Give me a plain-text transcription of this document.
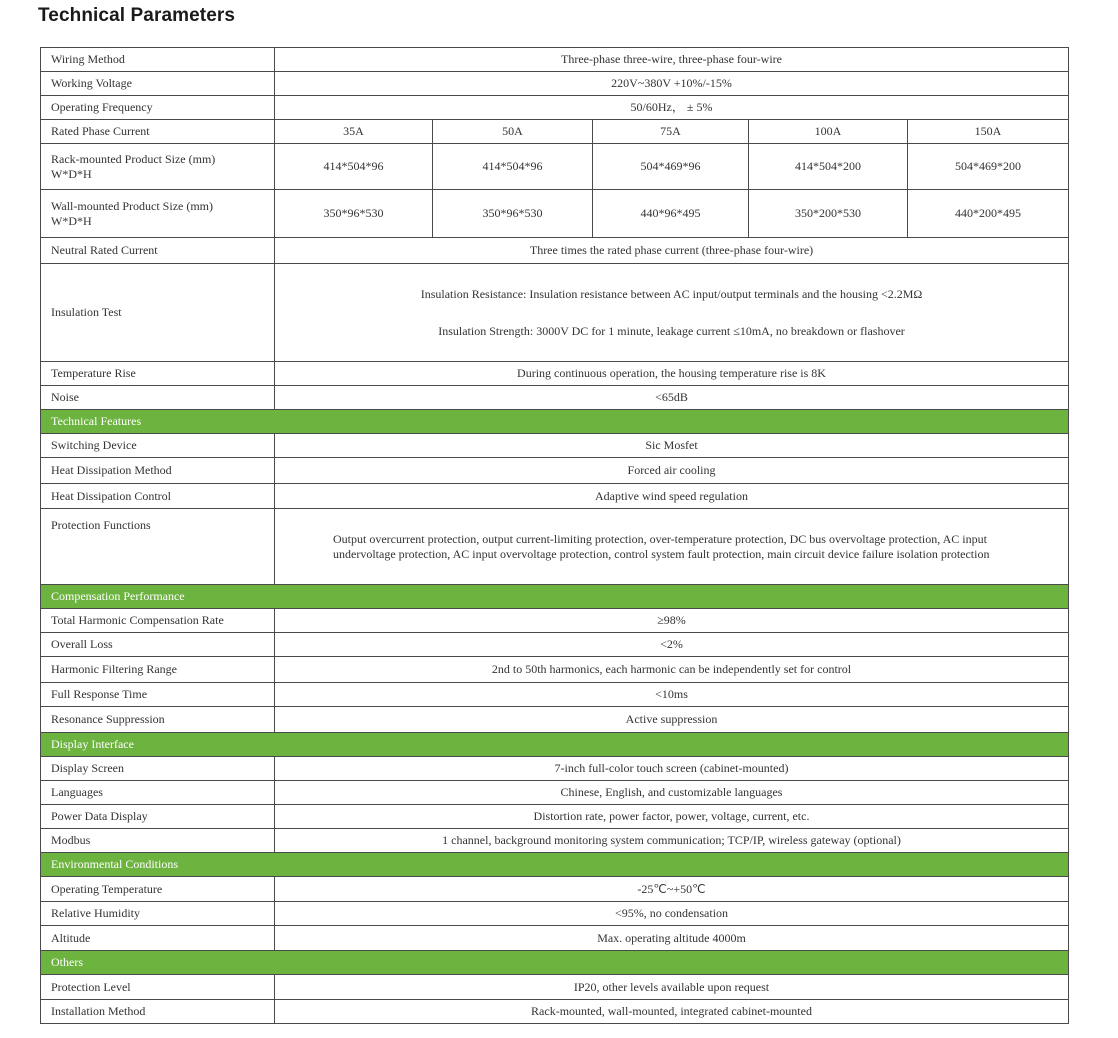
Technical Parameters
Wiring Method	Three-phase three-wire, three-phase four-wire				
Working Voltage	220V~380V +10%/-15%				
Operating Frequency	50/60Hz， ± 5%				
Rated Phase Current	35A	50A	75A	100A	150A

Rack-mounted Product Size (mm)
W*D*H	414*504*96	414*504*96	504*469*96	414*504*200	504*469*200

Wall-mounted Product Size (mm)
W*D*H	350*96*530	350*96*530	440*96*495	350*200*530	440*200*495
Neutral Rated Current	Three times the rated phase current (three-phase four-wire)				
Insulation Test	Insulation Resistance: Insulation resistance between AC input/output terminals and the housing <2.2MΩ
Insulation Strength: 3000V DC for 1 minute, leakage current ≤10mA, no breakdown or flashover				

Temperature Rise	During continuous operation, the housing temperature rise is 8K				
Noise	<65dB				
Technical Features					
Switching Device	Sic Mosfet				
Heat Dissipation Method	Forced air cooling				
Heat Dissipation Control	Adaptive wind speed regulation				
Protection Functions	Output overcurrent protection, output current-limiting protection, over-temperature protection, DC bus overvoltage protection, AC input undervoltage protection, AC input overvoltage protection, control system fault protection, main circuit device failure isolation protection				
Compensation Performance					
Total Harmonic Compensation Rate	≥98%				
Overall Loss	<2%				
Harmonic Filtering Range	2nd to 50th harmonics, each harmonic can be independently set for control				
Full Response Time	<10ms				
Resonance Suppression	Active suppression				
Display Interface					
Display Screen	7-inch full-color touch screen (cabinet-mounted)				
Languages	Chinese, English, and customizable languages				
Power Data Display	Distortion rate, power factor, power, voltage, current, etc.				
Modbus	1 channel, background monitoring system communication; TCP/IP, wireless gateway (optional)				
Environmental Conditions					
Operating Temperature	-25℃~+50℃				
Relative Humidity	<95%, no condensation				
Altitude	Max. operating altitude 4000m				
Others					
Protection Level	IP20, other levels available upon request				
Installation Method	Rack-mounted, wall-mounted, integrated cabinet-mounted				
